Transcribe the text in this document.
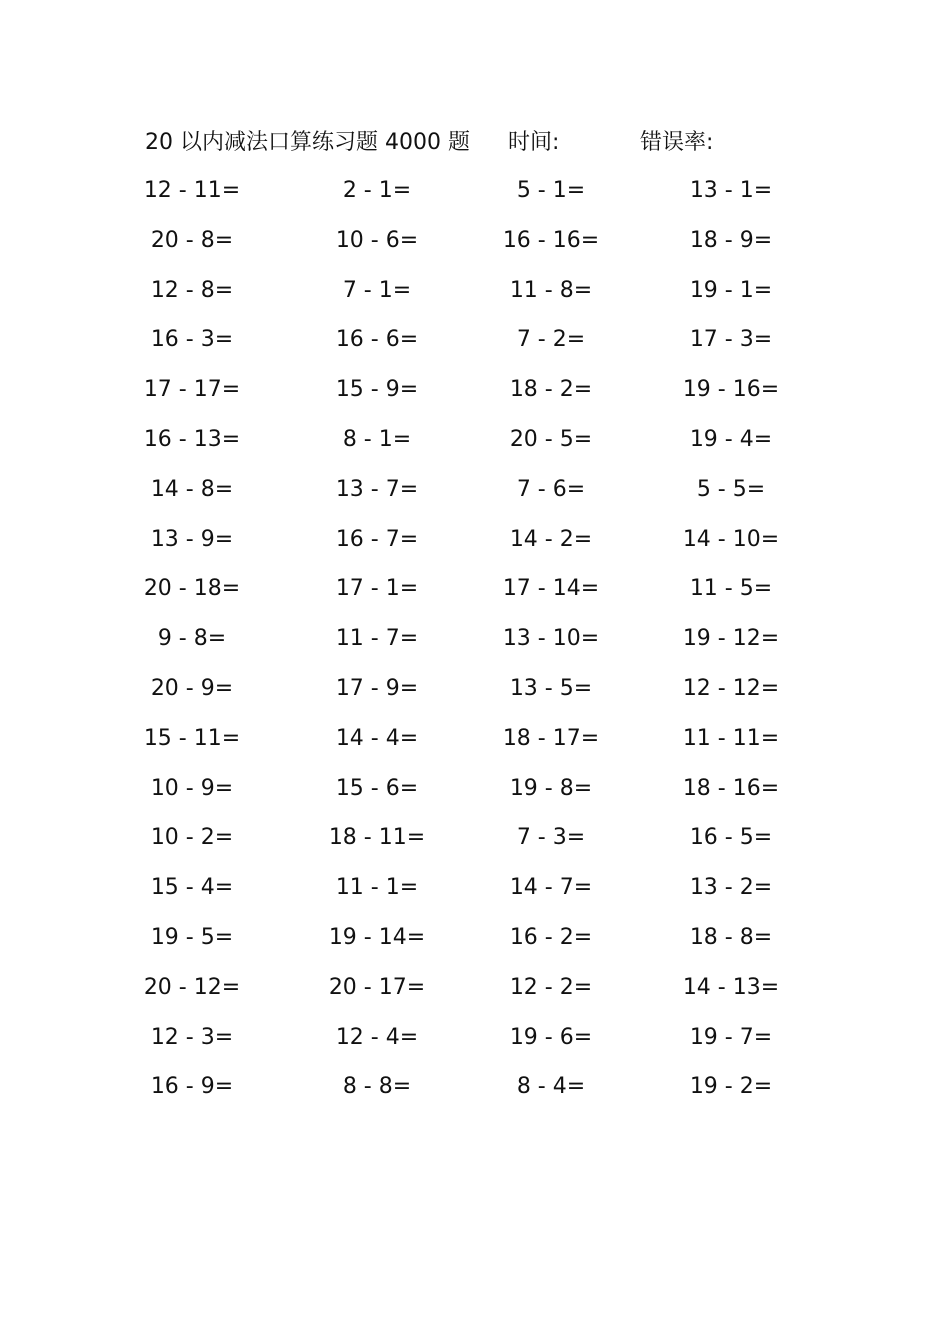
20 以内减法口算练习题 4000 题 时间:	错误率:
12 - 11=	2 - 1=	5 - 1=	13 - 1=
20 - 8=	10 - 6=	16 - 16=	18 - 9=
12 - 8=	7 - 1=	11 - 8=	19 - 1=
16 - 3=	16 - 6=	7 - 2=	17 - 3=
17 - 17=	15 - 9=	18 - 2=	19 - 16=
16 - 13=	8 - 1=	20 - 5=	19 - 4=
14 - 8=	13 - 7=	7 - 6=	5 - 5=
13 - 9=	16 - 7=	14 - 2=	14 - 10=
20 - 18=	17 - 1=	17 - 14=	11 - 5=
9 - 8=	11 - 7=	13 - 10=	19 - 12=
20 - 9=	17 - 9=	13 - 5=	12 - 12=
15 - 11=	14 - 4=	18 - 17=	11 - 11=
10 - 9=	15 - 6=	19 - 8=	18 - 16=
10 - 2=	18 - 11=	7 - 3=	16 - 5=
15 - 4=	11 - 1=	14 - 7=	13 - 2=
19 - 5=	19 - 14=	16 - 2=	18 - 8=
20 - 12=	20 - 17=	12 - 2=	14 - 13=
12 - 3=	12 - 4=	19 - 6=	19 - 7=
16 - 9=	8 - 8=	8 - 4=	19 - 2=
